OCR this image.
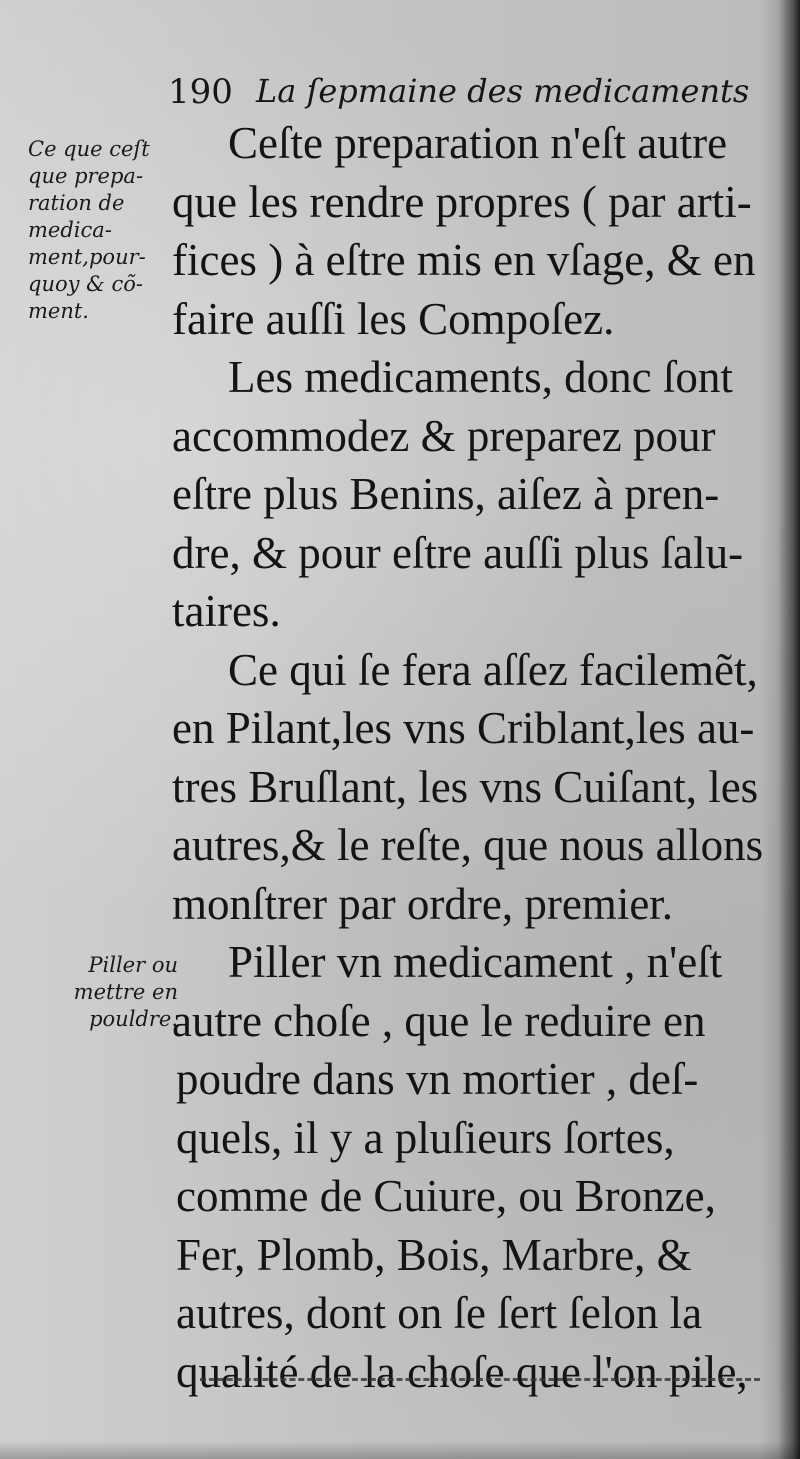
190 La ſepmaine des medicaments
Ce que ceſt
que prepa-
ration de
medica-
ment,pour-
quoy & cõ-
ment.
Piller ou
mettre en
pouldre.
Ceſte preparation n'eſt autre
que les rendre propres ( par arti-
fices ) à eſtre mis en vſage, & en
faire auſſi les Compoſez.
Les medicaments, donc ſont
accommodez & preparez pour
eſtre plus Benins, aiſez à pren-
dre, & pour eſtre auſſi plus ſalu-
taires.
Ce qui ſe fera aſſez facilemẽt,
en Pilant,les vns Criblant,les au-
tres Bruſlant, les vns Cuiſant, les
autres,& le reſte, que nous allons
monſtrer par ordre, premier.
Piller vn medicament , n'eſt
autre choſe , que le reduire en
poudre dans vn mortier , deſ-
quels, il y a pluſieurs ſortes,
comme de Cuiure, ou Bronze,
Fer, Plomb, Bois, Marbre, &
autres, dont on ſe ſert ſelon la
qualité de la choſe que l'on pile,
